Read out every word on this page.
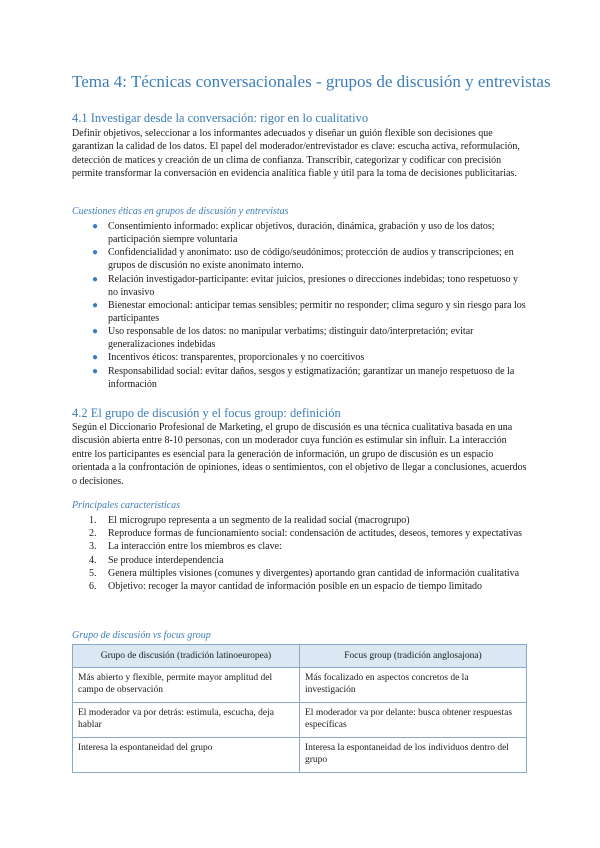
Tema 4: Técnicas conversacionales - grupos de discusión y entrevistas
4.1 Investigar desde la conversación: rigor en lo cualitativo

Definir objetivos, seleccionar a los informantes adecuados y diseñar un guión flexible son decisiones que garantizan la calidad de los datos. El papel del moderador/entrevistador es clave: escucha activa, reformulación, detección de matices y creación de un clima de confianza. Transcribir, categorizar y codificar con precisión permite transformar la conversación en evidencia analítica fiable y útil para la toma de decisiones publicitarias.

Cuestiones éticas en grupos de discusión y entrevistas

● Consentimiento informado: explicar objetivos, duración, dinámica, grabación y uso de los datos; participación siempre voluntaria
● Confidencialidad y anonimato: uso de código/seudónimos; protección de audios y transcripciones; en grupos de discusión no existe anonimato interno.
● Relación investigador-participante: evitar juicios, presiones o direcciones indebidas; tono respetuoso y no invasivo
● Bienestar emocional: anticipar temas sensibles; permitir no responder; clima seguro y sin riesgo para los participantes
● Uso responsable de los datos: no manipular verbatims; distinguir dato/interpretación; evitar generalizaciones indebidas
● Incentivos éticos: transparentes, proporcionales y no coercitivos
● Responsabilidad social: evitar daños, sesgos y estigmatización; garantizar un manejo respetuoso de la información
4.2 El grupo de discusión y el focus group: definición

Según el Diccionario Profesional de Marketing, el grupo de discusión es una técnica cualitativa basada en una discusión abierta entre 8-10 personas, con un moderador cuya función es estimular sin influir. La interacción entre los participantes es esencial para la generación de información, un grupo de discusión es un espacio orientada a la confrontación de opiniones, ideas o sentimientos, con el objetivo de llegar a conclusiones, acuerdos o decisiones.

Principales características

1. El microgrupo representa a un segmento de la realidad social (macrogrupo)
2. Reproduce formas de funcionamiento social: condensación de actitudes, deseos, temores y expectativas
3. La interacción entre los miembros es clave:
4. Se produce interdependencia
5. Genera múltiples visiones (comunes y divergentes) aportando gran cantidad de información cualitativa
6. Objetivo: recoger la mayor cantidad de información posible en un espacio de tiempo limitado

Grupo de discusión vs focus group

Grupo de discusión (tradición latinoeuropea)	Focus group (tradición anglosajona)
Más abierto y flexible, permite mayor amplitud del campo de observación	Más focalizado en aspectos concretos de la investigación
El moderador va por detrás: estimula, escucha, deja hablar	El moderador va por delante: busca obtener respuestas específicas
Interesa la espontaneidad del grupo	Interesa la espontaneidad de los individuos dentro del grupo
